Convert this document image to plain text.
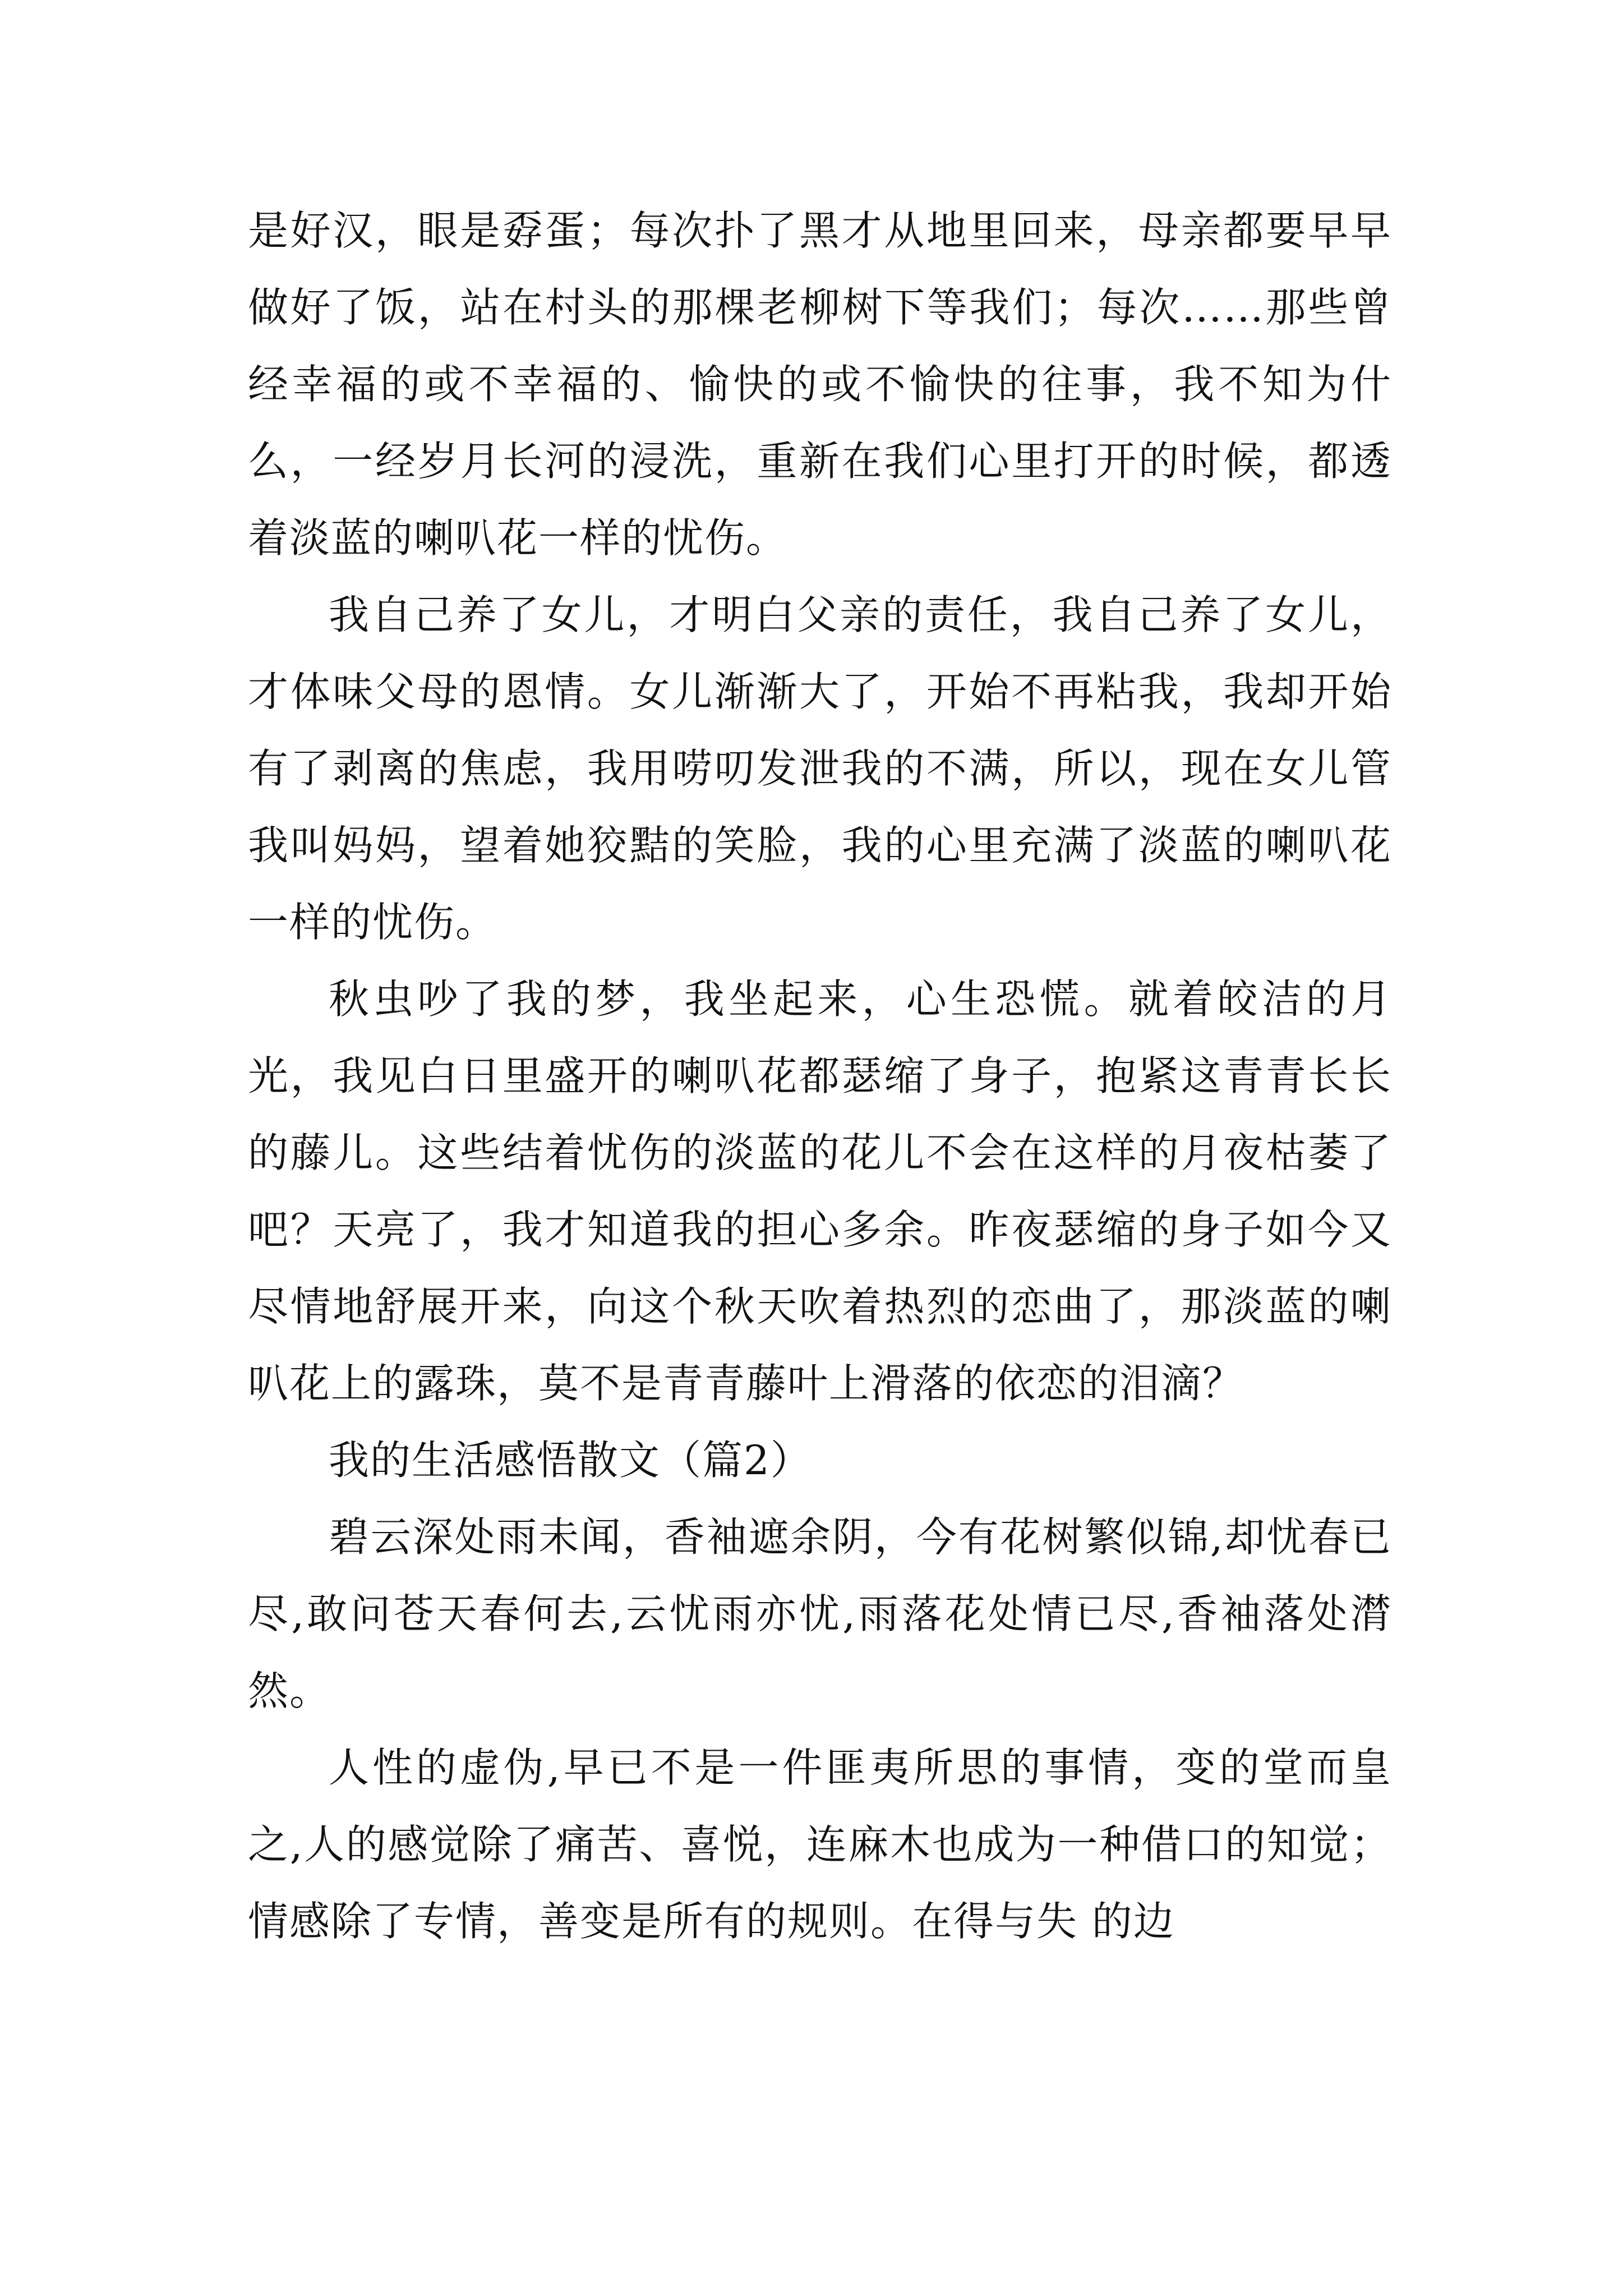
是好汉，眼是孬蛋；每次扑了黑才从地里回来，母亲都要早早做好了饭，站在村头的那棵老柳树下等我们；每次……那些曾经幸福的或不幸福的、愉快的或不愉快的往事，我不知为什么，一经岁月长河的浸洗，重新在我们心里打开的时候，都透着淡蓝的喇叭花一样的忧伤。

我自己养了女儿，才明白父亲的责任，我自己养了女儿，才体味父母的恩情。女儿渐渐大了，开始不再粘我，我却开始有了剥离的焦虑，我用唠叨发泄我的不满，所以，现在女儿管我叫妈妈，望着她狡黠的笑脸，我的心里充满了淡蓝的喇叭花一样的忧伤。

秋虫吵了我的梦，我坐起来，心生恐慌。就着皎洁的月光，我见白日里盛开的喇叭花都瑟缩了身子，抱紧这青青长长的藤儿。这些结着忧伤的淡蓝的花儿不会在这样的月夜枯萎了吧？天亮了，我才知道我的担心多余。昨夜瑟缩的身子如今又尽情地舒展开来，向这个秋天吹着热烈的恋曲了，那淡蓝的喇叭花上的露珠，莫不是青青藤叶上滑落的依恋的泪滴？

我的生活感悟散文（篇2）

碧云深处雨未闻，香袖遮余阴，今有花树繁似锦,却忧春已尽,敢问苍天春何去,云忧雨亦忧,雨落花处情已尽,香袖落处潸然。

人性的虚伪,早已不是一件匪夷所思的事情，变的堂而皇之,人的感觉除了痛苦、喜悦，连麻木也成为一种借口的知觉；情感除了专情，善变是所有的规则。在得与失 的边
